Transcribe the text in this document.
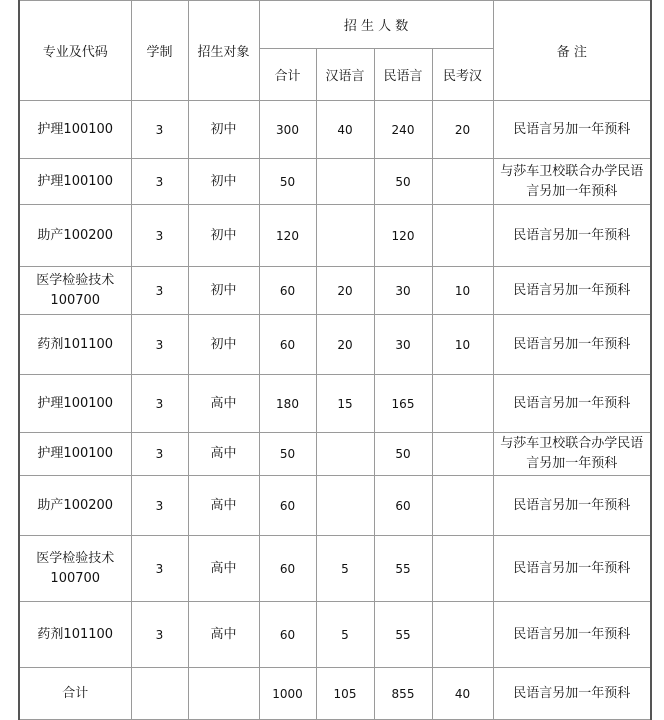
专业及代码	学制	招生对象	招 生 人 数				备 注
			合计	汉语言	民语言	民考汉	
护理100100	3	初中	300	40	240	20	民语言另加一年预科
护理100100	3	初中	50		50		与莎车卫校联合办学民语言另加一年预科
助产100200	3	初中	120		120		民语言另加一年预科
医学检验技术100700	3	初中	60	20	30	10	民语言另加一年预科
药剂101100	3	初中	60	20	30	10	民语言另加一年预科
护理100100	3	高中	180	15	165		民语言另加一年预科
护理100100	3	高中	50		50		与莎车卫校联合办学民语言另加一年预科
助产100200	3	高中	60		60		民语言另加一年预科
医学检验技术100700	3	高中	60	5	55		民语言另加一年预科
药剂101100	3	高中	60	5	55		民语言另加一年预科
合计			1000	105	855	40	民语言另加一年预科
